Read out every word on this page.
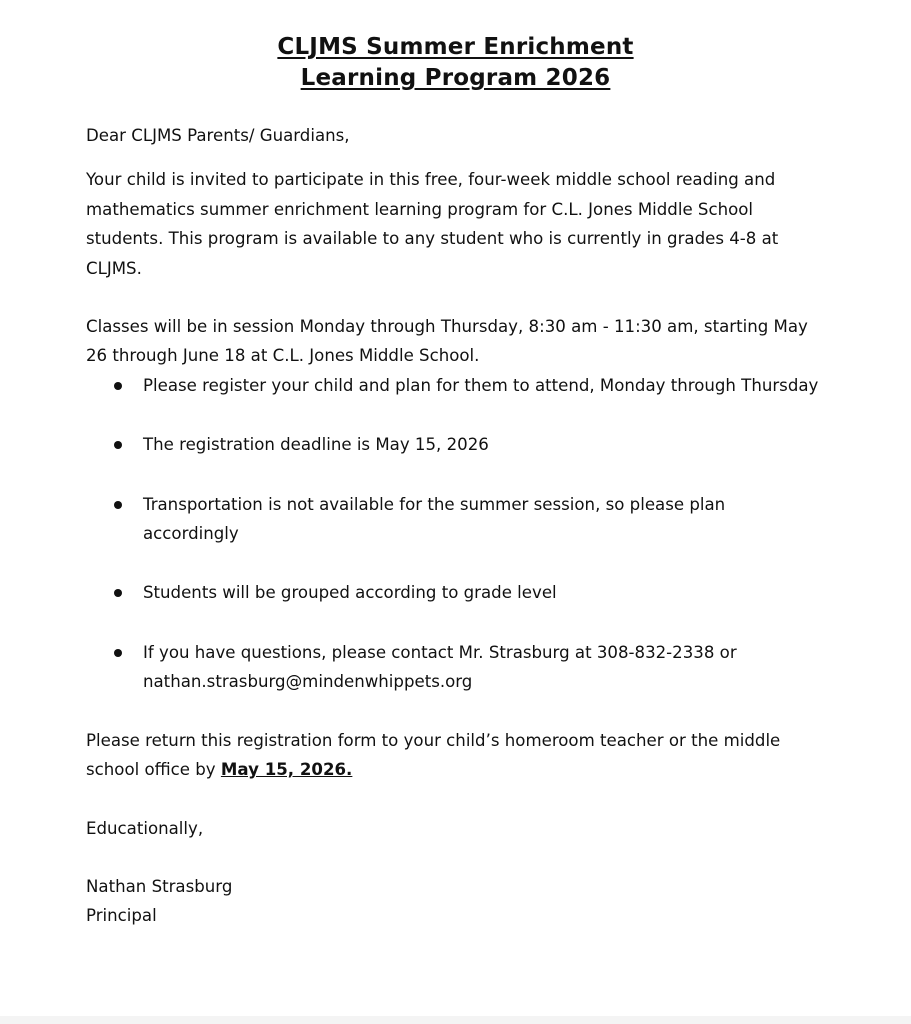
CLJMS Summer Enrichment
Learning Program 2026

Dear CLJMS Parents/ Guardians,

Your child is invited to participate in this free, four-week middle school reading and mathematics summer enrichment learning program for C.L. Jones Middle School students. This program is available to any student who is currently in grades 4-8 at CLJMS.

Classes will be in session Monday through Thursday, 8:30 am - 11:30 am, starting May 26 through June 18 at C.L. Jones Middle School.

Please register your child and plan for them to attend, Monday through Thursday
The registration deadline is May 15, 2026
Transportation is not available for the summer session, so please plan accordingly
Students will be grouped according to grade level
If you have questions, please contact Mr. Strasburg at 308-832-2338 or nathan.strasburg@mindenwhippets.org

Please return this registration form to your child’s homeroom teacher or the middle school office by May 15, 2026.

Educationally,

Nathan Strasburg

Principal
